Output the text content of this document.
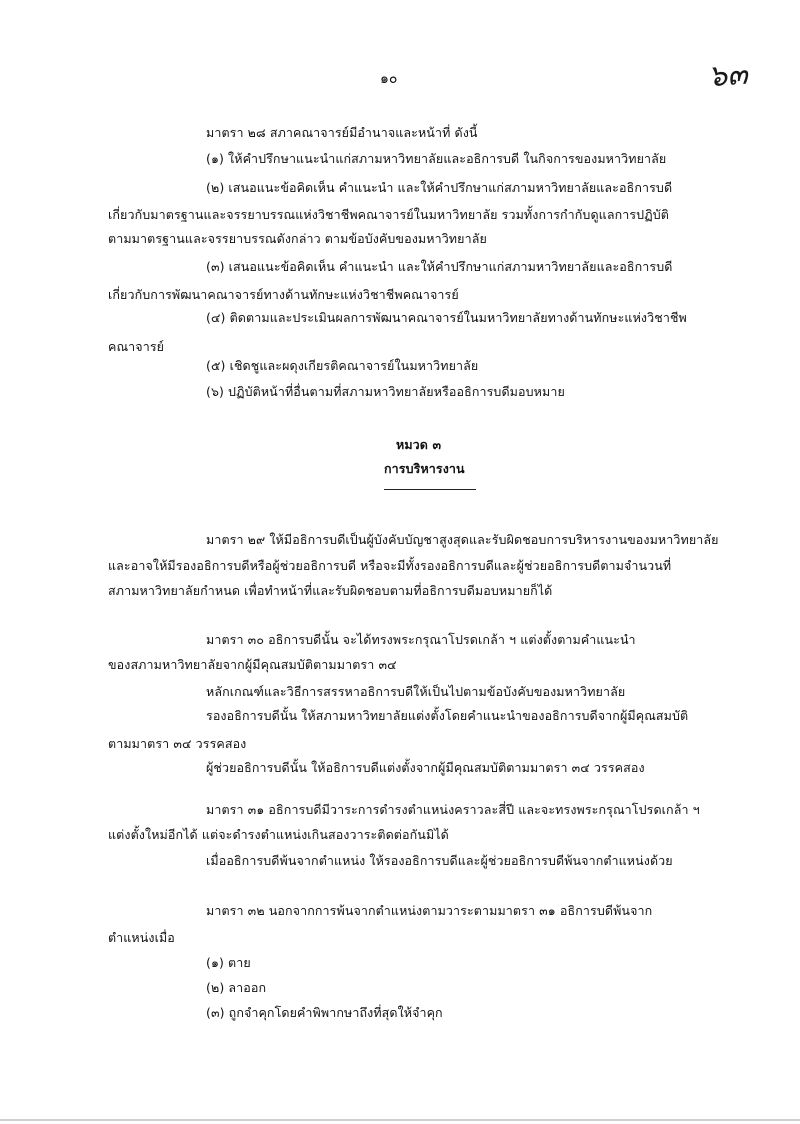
๑๐	๖๓
มาตรา ๒๘ สภาคณาจารย์มีอำนาจและหน้าที่ ดังนี้
(๑) ให้คำปรึกษาแนะนำแก่สภามหาวิทยาลัยและอธิการบดี ในกิจการของมหาวิทยาลัย
(๒) เสนอแนะข้อคิดเห็น คำแนะนำ และให้คำปรึกษาแก่สภามหาวิทยาลัยและอธิการบดี
เกี่ยวกับมาตรฐานและจรรยาบรรณแห่งวิชาชีพคณาจารย์ในมหาวิทยาลัย รวมทั้งการกำกับดูแลการปฏิบัติ
ตามมาตรฐานและจรรยาบรรณดังกล่าว ตามข้อบังคับของมหาวิทยาลัย
(๓) เสนอแนะข้อคิดเห็น คำแนะนำ และให้คำปรึกษาแก่สภามหาวิทยาลัยและอธิการบดี
เกี่ยวกับการพัฒนาคณาจารย์ทางด้านทักษะแห่งวิชาชีพคณาจารย์
(๔) ติดตามและประเมินผลการพัฒนาคณาจารย์ในมหาวิทยาลัยทางด้านทักษะแห่งวิชาชีพ
คณาจารย์
(๕) เชิดชูและผดุงเกียรติคณาจารย์ในมหาวิทยาลัย
(๖) ปฏิบัติหน้าที่อื่นตามที่สภามหาวิทยาลัยหรืออธิการบดีมอบหมาย
หมวด ๓
การบริหารงาน
มาตรา ๒๙ ให้มีอธิการบดีเป็นผู้บังคับบัญชาสูงสุดและรับผิดชอบการบริหารงานของมหาวิทยาลัย
และอาจให้มีรองอธิการบดีหรือผู้ช่วยอธิการบดี หรือจะมีทั้งรองอธิการบดีและผู้ช่วยอธิการบดีตามจำนวนที่
สภามหาวิทยาลัยกำหนด เพื่อทำหน้าที่และรับผิดชอบตามที่อธิการบดีมอบหมายก็ได้
มาตรา ๓๐ อธิการบดีนั้น จะได้ทรงพระกรุณาโปรดเกล้า ฯ แต่งตั้งตามคำแนะนำ
ของสภามหาวิทยาลัยจากผู้มีคุณสมบัติตามมาตรา ๓๔
หลักเกณฑ์และวิธีการสรรหาอธิการบดีให้เป็นไปตามข้อบังคับของมหาวิทยาลัย
รองอธิการบดีนั้น ให้สภามหาวิทยาลัยแต่งตั้งโดยคำแนะนำของอธิการบดีจากผู้มีคุณสมบัติ
ตามมาตรา ๓๔ วรรคสอง
ผู้ช่วยอธิการบดีนั้น ให้อธิการบดีแต่งตั้งจากผู้มีคุณสมบัติตามมาตรา ๓๔ วรรคสอง
มาตรา ๓๑ อธิการบดีมีวาระการดำรงตำแหน่งคราวละสี่ปี และจะทรงพระกรุณาโปรดเกล้า ฯ
แต่งตั้งใหม่อีกได้ แต่จะดำรงตำแหน่งเกินสองวาระติดต่อกันมิได้
เมื่ออธิการบดีพ้นจากตำแหน่ง ให้รองอธิการบดีและผู้ช่วยอธิการบดีพ้นจากตำแหน่งด้วย
มาตรา ๓๒ นอกจากการพ้นจากตำแหน่งตามวาระตามมาตรา ๓๑ อธิการบดีพ้นจาก
ตำแหน่งเมื่อ
(๑) ตาย
(๒) ลาออก
(๓) ถูกจำคุกโดยคำพิพากษาถึงที่สุดให้จำคุก
